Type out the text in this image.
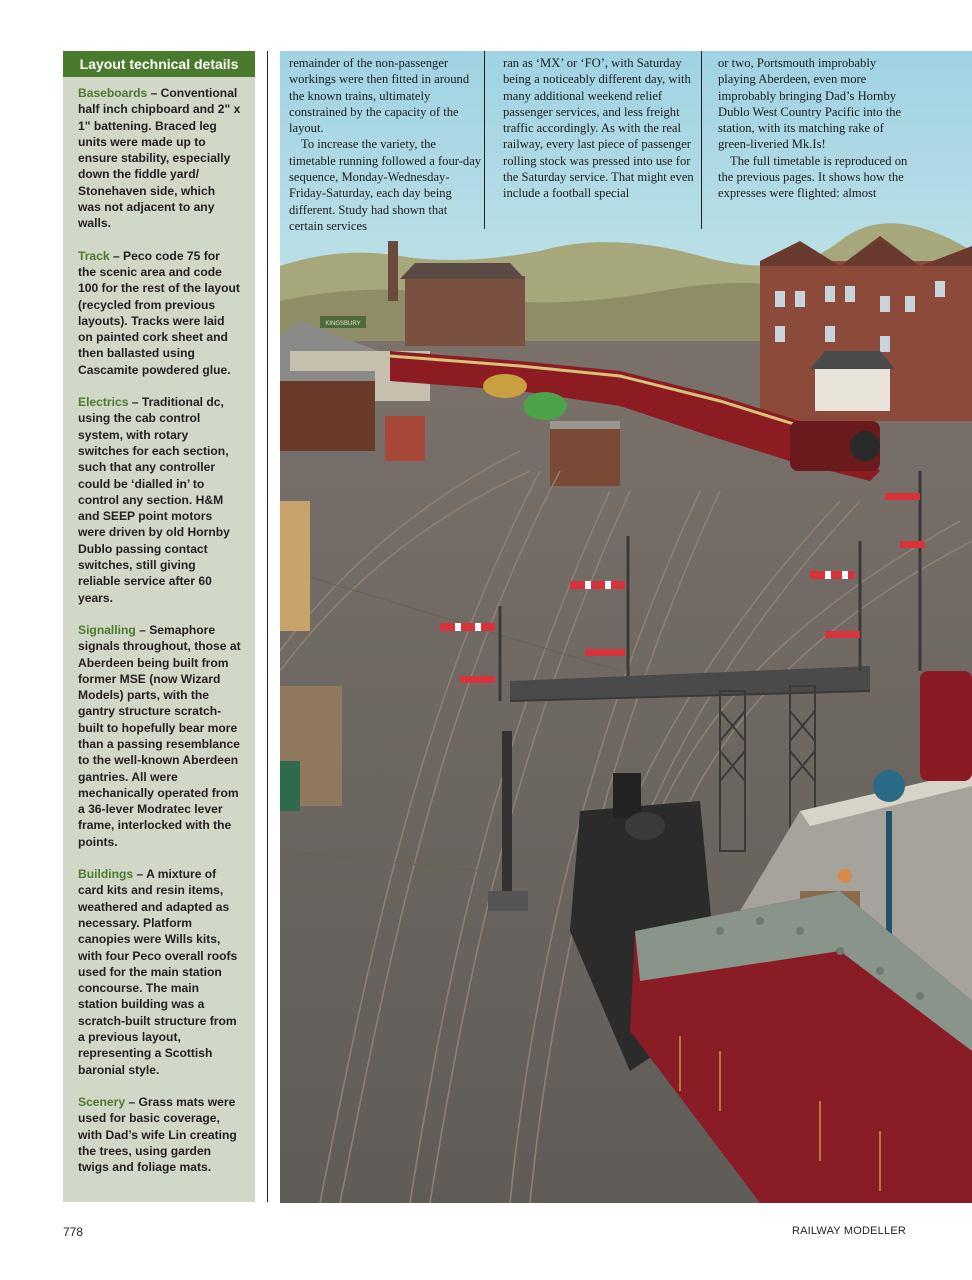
Layout technical details

Baseboards – Conventional half inch chipboard and 2" x 1" battening. Braced leg units were made up to ensure stability, especially down the fiddle yard/ Stonehaven side, which was not adjacent to any walls.

Track – Peco code 75 for the scenic area and code 100 for the rest of the layout (recycled from previous layouts). Tracks were laid on painted cork sheet and then ballasted using Cascamite powdered glue.

Electrics – Traditional dc, using the cab control system, with rotary switches for each section, such that any controller could be ‘dialled in’ to control any section. H&M and SEEP point motors were driven by old Hornby Dublo passing contact switches, still giving reliable service after 60 years.

Signalling – Semaphore signals throughout, those at Aberdeen being built from former MSE (now Wizard Models) parts, with the gantry structure scratch-built to hopefully bear more than a passing resemblance to the well-known Aberdeen gantries. All were mechanically operated from a 36-lever Modratec lever frame, interlocked with the points.

Buildings – A mixture of card kits and resin items, weathered and adapted as necessary. Platform canopies were Wills kits, with four Peco overall roofs used for the main station concourse. The main station building was a scratch-built structure from a previous layout, representing a Scottish baronial style.

Scenery – Grass mats were used for basic coverage, with Dad’s wife Lin creating the trees, using garden twigs and foliage mats.

KINGSBURY

remainder of the non-passenger workings were then fitted in around the known trains, ultimately constrained by the capacity of the layout.

To increase the variety, the timetable running followed a four-day sequence, Monday-Wednesday-Friday-Saturday, each day being different. Study had shown that certain services

ran as ‘MX’ or ‘FO’, with Saturday being a noticeably different day, with many additional weekend relief passenger services, and less freight traffic accordingly. As with the real railway, every last piece of passenger rolling stock was pressed into use for the Saturday service. That might even include a football special

or two, Portsmouth improbably playing Aberdeen, even more improbably bringing Dad’s Hornby Dublo West Country Pacific into the station, with its matching rake of green-liveried Mk.Is!

The full timetable is reproduced on the previous pages. It shows how the expresses were flighted: almost

778	RAILWAY MODELLER
